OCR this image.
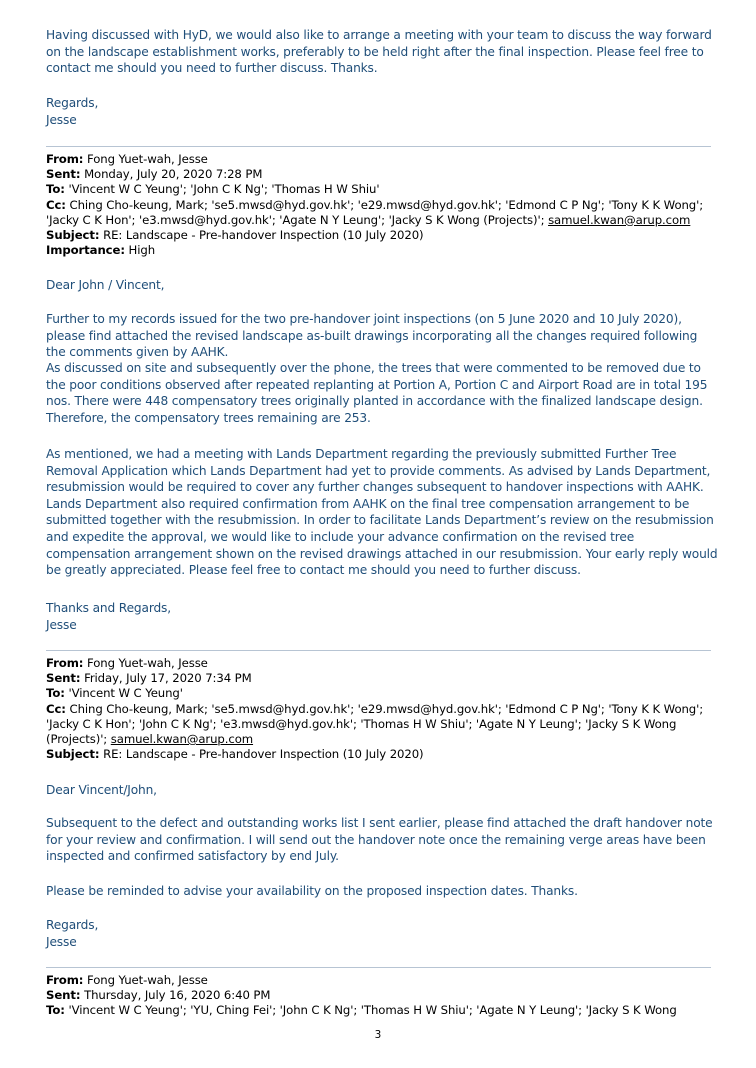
Having discussed with HyD, we would also like to arrange a meeting with your team to discuss the way forward on the landscape establishment works, preferably to be held right after the final inspection. Please feel free to contact me should you need to further discuss. Thanks.

Regards,

Jesse

From: Fong Yuet-wah, Jesse
Sent: Monday, July 20, 2020 7:28 PM
To: 'Vincent W C Yeung'; 'John C K Ng'; 'Thomas H W Shiu'
Cc: Ching Cho-keung, Mark; 'se5.mwsd@hyd.gov.hk'; 'e29.mwsd@hyd.gov.hk'; 'Edmond C P Ng'; 'Tony K K Wong'; 'Jacky C K Hon'; 'e3.mwsd@hyd.gov.hk'; 'Agate N Y Leung'; 'Jacky S K Wong (Projects)'; samuel.kwan@arup.com
Subject: RE: Landscape - Pre-handover Inspection (10 July 2020)
Importance: High

Dear John / Vincent,

Further to my records issued for the two pre-handover joint inspections (on 5 June 2020 and 10 July 2020), please find attached the revised landscape as-built drawings incorporating all the changes required following the comments given by AAHK.

As discussed on site and subsequently over the phone, the trees that were commented to be removed due to the poor conditions observed after repeated replanting at Portion A, Portion C and Airport Road are in total 195 nos. There were 448 compensatory trees originally planted in accordance with the finalized landscape design. Therefore, the compensatory trees remaining are 253.

As mentioned, we had a meeting with Lands Department regarding the previously submitted Further Tree Removal Application which Lands Department had yet to provide comments. As advised by Lands Department, resubmission would be required to cover any further changes subsequent to handover inspections with AAHK. Lands Department also required confirmation from AAHK on the final tree compensation arrangement to be submitted together with the resubmission. In order to facilitate Lands Department’s review on the resubmission and expedite the approval, we would like to include your advance confirmation on the revised tree compensation arrangement shown on the revised drawings attached in our resubmission. Your early reply would be greatly appreciated. Please feel free to contact me should you need to further discuss.

Thanks and Regards,

Jesse

From: Fong Yuet-wah, Jesse
Sent: Friday, July 17, 2020 7:34 PM
To: 'Vincent W C Yeung'
Cc: Ching Cho-keung, Mark; 'se5.mwsd@hyd.gov.hk'; 'e29.mwsd@hyd.gov.hk'; 'Edmond C P Ng'; 'Tony K K Wong'; 'Jacky C K Hon'; 'John C K Ng'; 'e3.mwsd@hyd.gov.hk'; 'Thomas H W Shiu'; 'Agate N Y Leung'; 'Jacky S K Wong (Projects)'; samuel.kwan@arup.com
Subject: RE: Landscape - Pre-handover Inspection (10 July 2020)

Dear Vincent/John,

Subsequent to the defect and outstanding works list I sent earlier, please find attached the draft handover note for your review and confirmation. I will send out the handover note once the remaining verge areas have been inspected and confirmed satisfactory by end July.

Please be reminded to advise your availability on the proposed inspection dates. Thanks.

Regards,

Jesse

From: Fong Yuet-wah, Jesse
Sent: Thursday, July 16, 2020 6:40 PM
To: 'Vincent W C Yeung'; 'YU, Ching Fei'; 'John C K Ng'; 'Thomas H W Shiu'; 'Agate N Y Leung'; 'Jacky S K Wong
3
